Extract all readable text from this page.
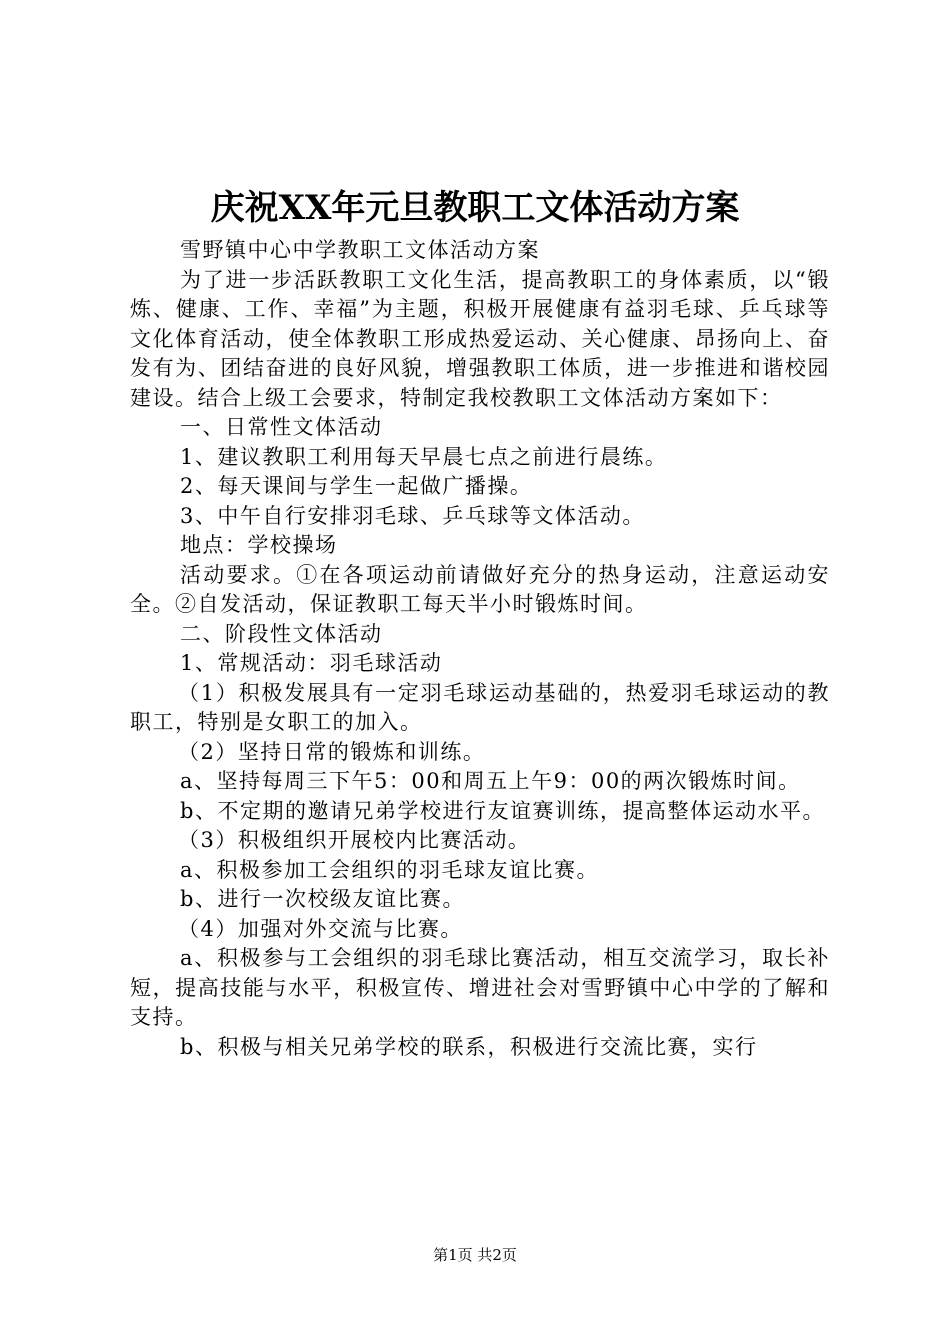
庆祝XX年元旦教职工文体活动方案

雪野镇中心中学教职工文体活动方案

为了进一步活跃教职工文化生活，提高教职工的身体素质，以“锻炼、健康、工作、幸福”为主题，积极开展健康有益羽毛球、乒乓球等文化体育活动，使全体教职工形成热爱运动、关心健康、昂扬向上、奋发有为、团结奋进的良好风貌，增强教职工体质，进一步推进和谐校园建设。结合上级工会要求，特制定我校教职工文体活动方案如下：

一、日常性文体活动

1、建议教职工利用每天早晨七点之前进行晨练。

2、每天课间与学生一起做广播操。

3、中午自行安排羽毛球、乒乓球等文体活动。

地点：学校操场

活动要求。①在各项运动前请做好充分的热身运动，注意运动安全。②自发活动，保证教职工每天半小时锻炼时间。

二、阶段性文体活动

1、常规活动：羽毛球活动

（1）积极发展具有一定羽毛球运动基础的，热爱羽毛球运动的教职工，特别是女职工的加入。

（2）坚持日常的锻炼和训练。

a、坚持每周三下午5：00和周五上午9：00的两次锻炼时间。

b、不定期的邀请兄弟学校进行友谊赛训练，提高整体运动水平。

（3）积极组织开展校内比赛活动。

a、积极参加工会组织的羽毛球友谊比赛。

b、进行一次校级友谊比赛。

（4）加强对外交流与比赛。

a、积极参与工会组织的羽毛球比赛活动，相互交流学习，取长补短，提高技能与水平，积极宣传、增进社会对雪野镇中心中学的了解和支持。

b、积极与相关兄弟学校的联系，积极进行交流比赛，实行

第1页 共2页
